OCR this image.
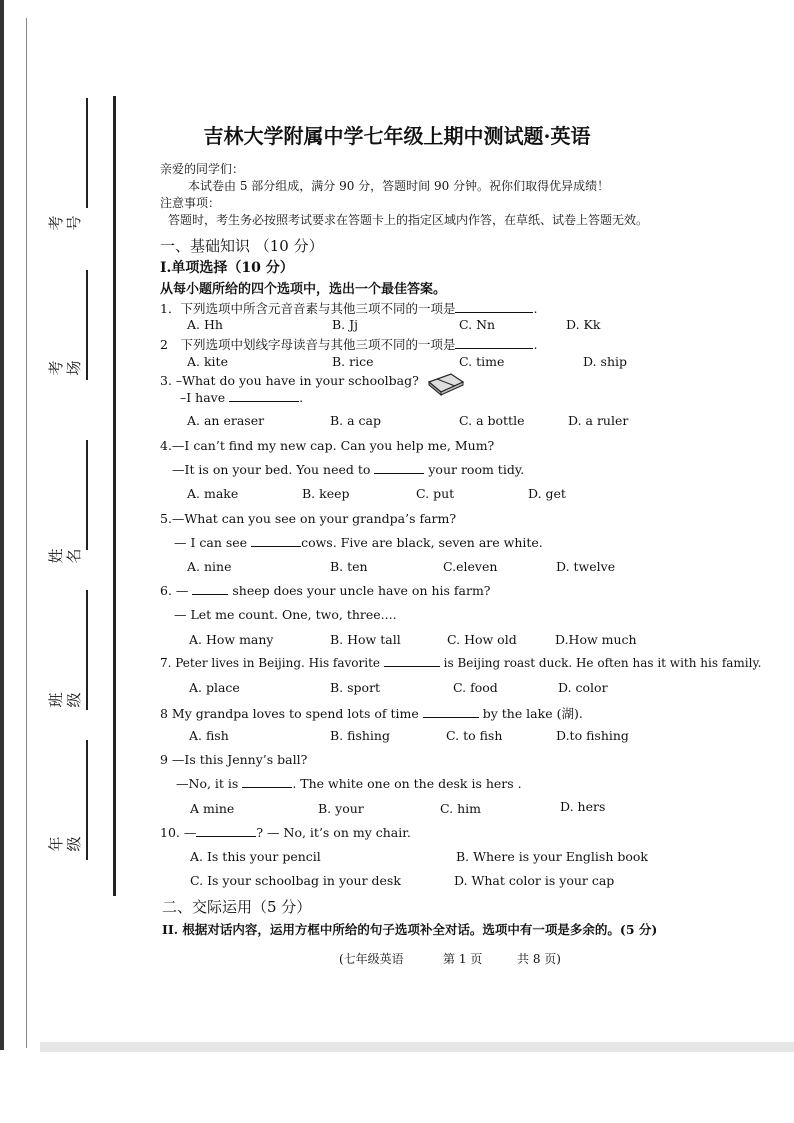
考号
考场
姓名
班级
年级
吉林大学附属中学七年级上期中测试题·英语
亲爱的同学们：
本试卷由 5 部分组成，满分 90 分，答题时间 90 分钟。祝你们取得优异成绩！
注意事项：
答题时，考生务必按照考试要求在答题卡上的指定区域内作答，在草纸、试卷上答题无效。
一、基础知识 （10 分）
Ⅰ.单项选择（10 分）
从每小题所给的四个选项中，选出一个最佳答案。
1．下列选项中所含元音音素与其他三项不同的一项是	.
A. Hh	B. Jj	C. Nn	D. Kk
2　下列选项中划线字母读音与其他三项不同的一项是	.
A. kite	B. rice	C. time	D. ship
3. –What do you have in your schoolbag?
–I have	.
A. an eraser	B. a cap	C. a bottle	D. a ruler
4.—I can’t find my new cap. Can you help me, Mum?
—It is on your bed. You need to	your room tidy.
A. make	B. keep	C. put	D. get
5.—What can you see on your grandpa’s farm?
— I can see	cows. Five are black, seven are white.
A. nine	B. ten	C.eleven	D. twelve
6. —	sheep does your uncle have on his farm?
— Let me count. One, two, three....
A. How many	B. How tall	C. How old	D.How much
7. Peter lives in Beijing. His favorite	is Beijing roast duck. He often has it with his family.
A. place	B. sport	C. food	D. color
8 My grandpa loves to spend lots of time	by the lake (湖).
A. fish	B. fishing	C. to fish	D.to fishing
9 —Is this Jenny’s ball?
—No, it is	. The white one on the desk is hers .
A mine	B. your	C. him	D. hers
10. —	? — No, it’s on my chair.
A. Is this your pencil	B. Where is your English book
C. Is your schoolbag in your desk	D. What color is your cap
二、交际运用（5 分）
II. 根据对话内容，运用方框中所给的句子选项补全对话。选项中有一项是多余的。(5 分)
(七年级英语	第 1 页	共 8 页)
